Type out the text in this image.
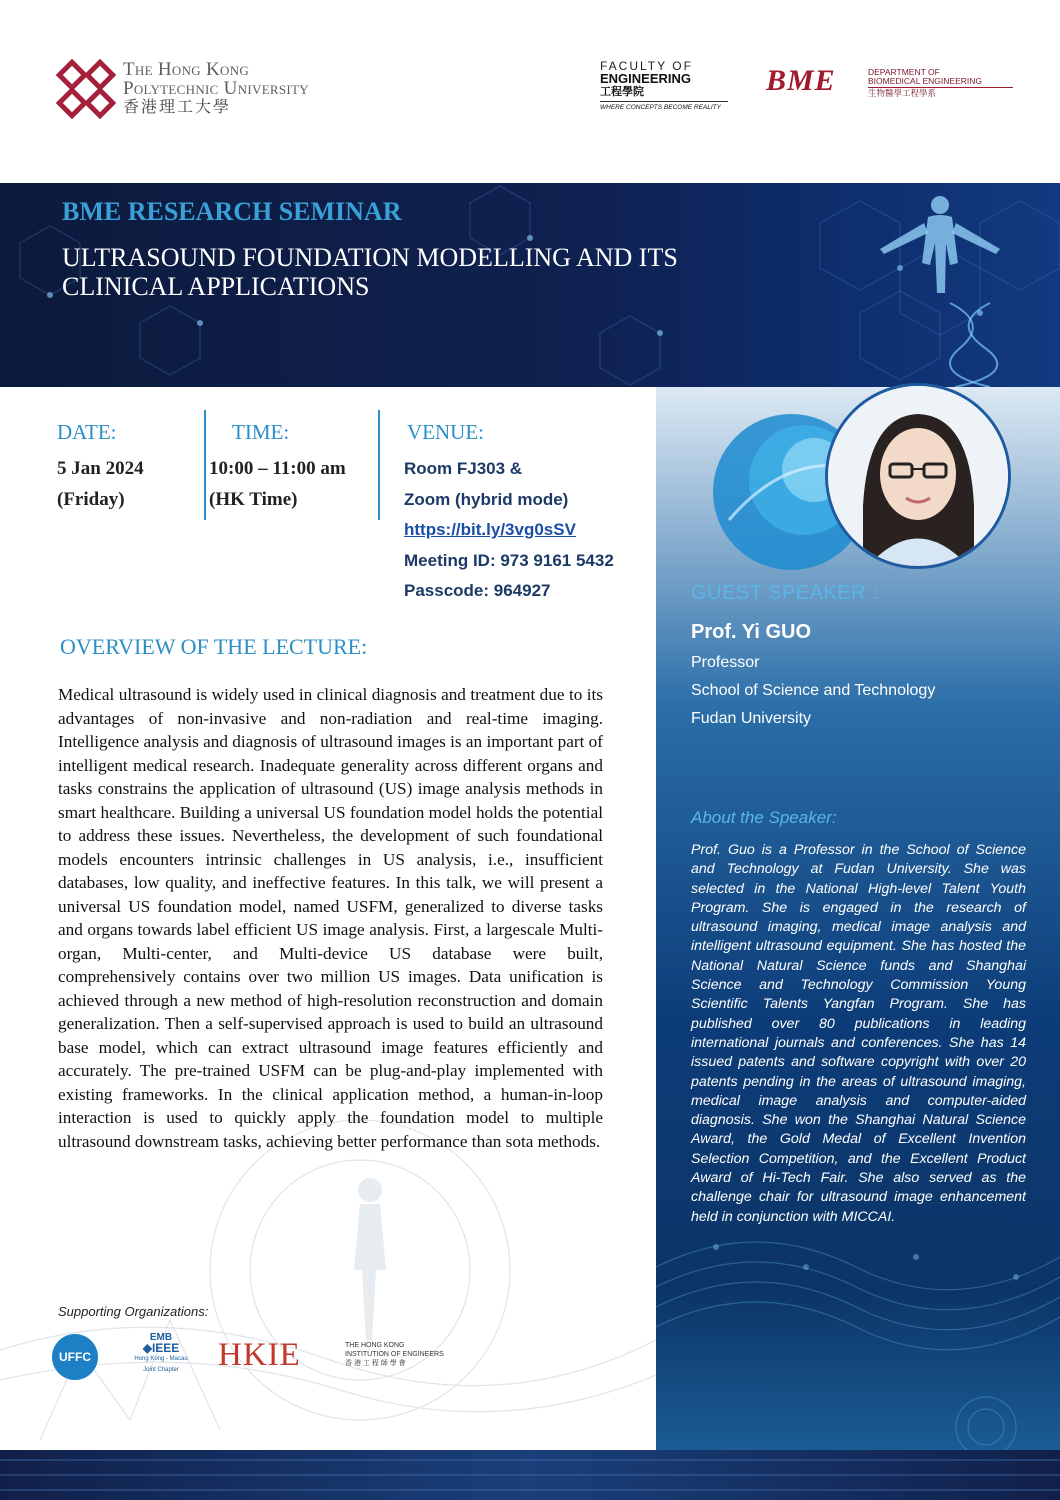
The Hong Kong
Polytechnic University
香港理工大學
FACULTY OF
ENGINEERING
工程學院
WHERE CONCEPTS BECOME REALITY
BME	DEPARTMENT OF
BIOMEDICAL ENGINEERING
生物醫學工程學系
BME RESEARCH SEMINAR
ULTRASOUND FOUNDATION MODELLING AND ITS
CLINICAL APPLICATIONS
DATE:
5 Jan 2024
(Friday)
TIME:
10:00 – 11:00 am
(HK Time)
VENUE:
Room FJ303 &
Zoom (hybrid mode)
https://bit.ly/3vg0sSV
Meeting ID: 973 9161 5432
Passcode: 964927
OVERVIEW OF THE LECTURE:
Medical ultrasound is widely used in clinical diagnosis and treatment due to its advantages of non-invasive and non-radiation and real-time imaging. Intelligence analysis and diagnosis of ultrasound images is an important part of intelligent medical research. Inadequate generality across different organs and tasks constrains the application of ultrasound (US) image analysis methods in smart healthcare. Building a universal US foundation model holds the potential to address these issues. Nevertheless, the development of such foundational models encounters intrinsic challenges in US analysis, i.e., insufficient databases, low quality, and ineffective features. In this talk, we will present a universal US foundation model, named USFM, generalized to diverse tasks and organs towards label efficient US image analysis. First, a largescale Multi-organ, Multi-center, and Multi-device US database were built, comprehensively contains over two million US images. Data unification is achieved through a new method of high-resolution reconstruction and domain generalization. Then a self-supervised approach is used to build an ultrasound base model, which can extract ultrasound image features efficiently and accurately. The pre-trained USFM can be plug-and-play implemented with existing frameworks. In the clinical application method, a human-in-loop interaction is used to quickly apply the foundation model to multiple ultrasound downstream tasks, achieving better performance than sota methods.
GUEST SPEAKER :
Prof. Yi GUO
Professor
School of Science and Technology
Fudan University
About the Speaker:
Prof. Guo is a Professor in the School of Science and Technology at Fudan University. She was selected in the National High-level Talent Youth Program. She is engaged in the research of ultrasound imaging, medical image analysis and intelligent ultrasound equipment. She has hosted the National Natural Science funds and Shanghai Science and Technology Commission Young Scientific Talents Yangfan Program. She has published over 80 publications in leading international journals and conferences. She has 14 issued patents and software copyright with over 20 patents pending in the areas of ultrasound imaging, medical image analysis and computer-aided diagnosis. She won the Shanghai Natural Science Award, the Gold Medal of Excellent Invention Selection Competition, and the Excellent Product Award of Hi-Tech Fair. She also served as the challenge chair for ultrasound image enhancement held in conjunction with MICCAI.
Supporting Organizations:
UFFC
EMB
◆IEEE
Hong Kong - Macau Joint Chapter	HKIE	THE HONG KONG
INSTITUTION OF ENGINEERS
香 港 工 程 師 學 會
